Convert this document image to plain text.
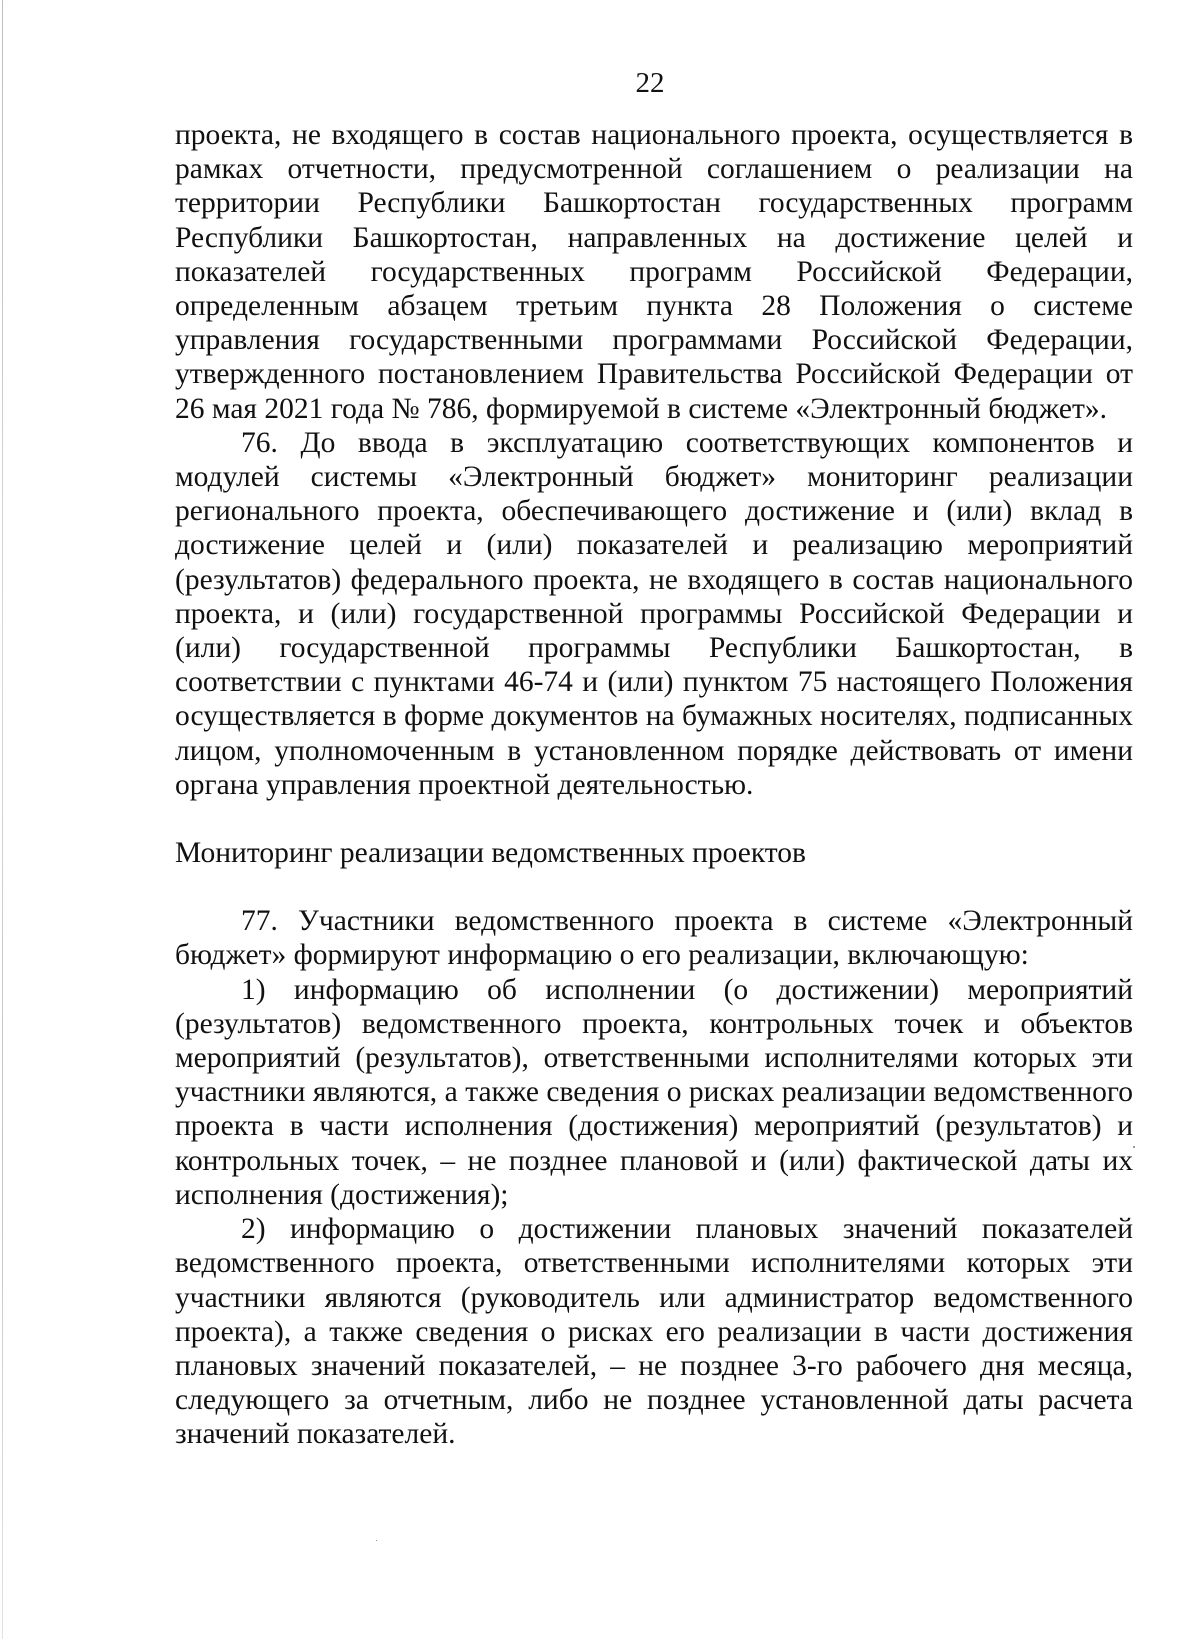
22

проекта, не входящего в состав национального проекта, осуществляется в рамках отчетности, предусмотренной соглашением о реализации на территории Республики Башкортостан государственных программ Республики Башкортостан, направленных на достижение целей и показателей государственных программ Российской Федерации, определенным абзацем третьим пункта 28 Положения о системе управления государственными программами Российской Федерации, утвержденного постановлением Правительства Российской Федерации от 26 мая 2021 года № 786, формируемой в системе «Электронный бюджет».

76. До ввода в эксплуатацию соответствующих компонентов и модулей системы «Электронный бюджет» мониторинг реализации регионального проекта, обеспечивающего достижение и (или) вклад в достижение целей и (или) показателей и реализацию мероприятий (результатов) федерального проекта, не входящего в состав национального проекта, и (или) государственной программы Российской Федерации и (или) государственной программы Республики Башкортостан, в соответствии с пунктами 46-74 и (или) пунктом 75 настоящего Положения осуществляется в форме документов на бумажных носителях, подписанных лицом, уполномоченным в установленном порядке действовать от имени органа управления проектной деятельностью.

Мониторинг реализации ведомственных проектов

77. Участники ведомственного проекта в системе «Электронный бюджет» формируют информацию о его реализации, включающую:

1) информацию об исполнении (о достижении) мероприятий (результатов) ведомственного проекта, контрольных точек и объектов мероприятий (результатов), ответственными исполнителями которых эти участники являются, а также сведения о рисках реализации ведомственного проекта в части исполнения (достижения) мероприятий (результатов) и контрольных точек, – не позднее плановой и (или) фактической даты их исполнения (достижения);

2) информацию о достижении плановых значений показателей ведомственного проекта, ответственными исполнителями которых эти участники являются (руководитель или администратор ведомственного проекта), а также сведения о рисках его реализации в части достижения плановых значений показателей, – не позднее 3-го рабочего дня месяца, следующего за отчетным, либо не позднее установленной даты расчета значений показателей.
